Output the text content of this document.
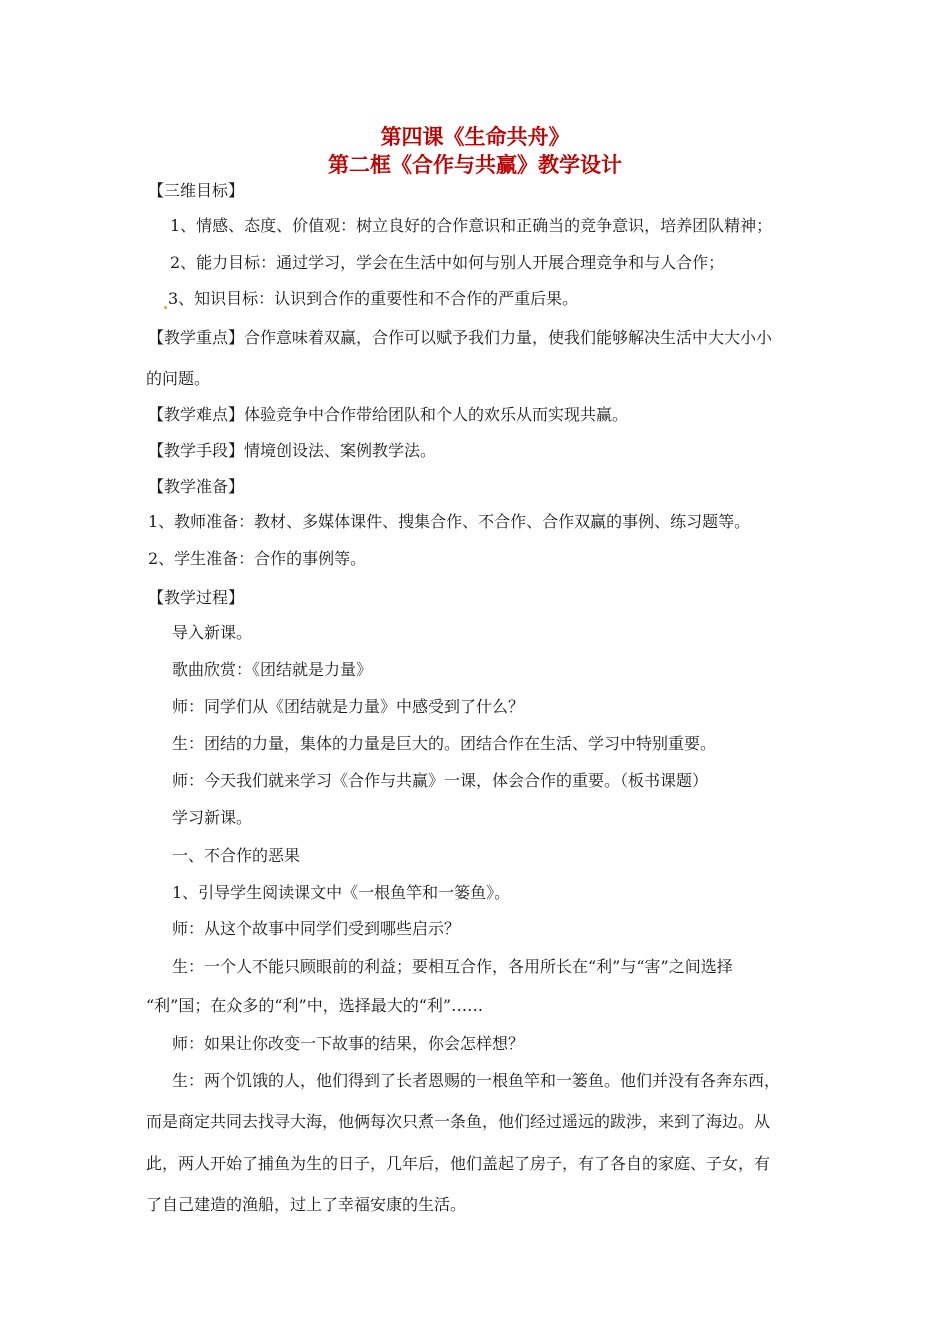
第四课《生命共舟》
第二框《合作与共赢》教学设计
【三维目标】
1、情感、态度、价值观：树立良好的合作意识和正确当的竞争意识，培养团队精神；
2、能力目标：通过学习，学会在生活中如何与别人开展合理竞争和与人合作；
3、知识目标：认识到合作的重要性和不合作的严重后果。
【教学重点】合作意味着双赢，合作可以赋予我们力量，使我们能够解决生活中大大小小
的问题。
【教学难点】体验竞争中合作带给团队和个人的欢乐从而实现共赢。
【教学手段】情境创设法、案例教学法。
【教学准备】
1、教师准备：教材、多媒体课件、搜集合作、不合作、合作双赢的事例、练习题等。
2、学生准备：合作的事例等。
【教学过程】
导入新课。
歌曲欣赏：《团结就是力量》
师：同学们从《团结就是力量》中感受到了什么？
生：团结的力量，集体的力量是巨大的。团结合作在生活、学习中特别重要。
师：今天我们就来学习《合作与共赢》一课，体会合作的重要。（板书课题）
学习新课。
一、不合作的恶果
1、引导学生阅读课文中《一根鱼竿和一篓鱼》。
师：从这个故事中同学们受到哪些启示？
生：一个人不能只顾眼前的利益；要相互合作，各用所长在“利”与“害”之间选择
“利”国；在众多的“利”中，选择最大的“利”……
师：如果让你改变一下故事的结果，你会怎样想？
生：两个饥饿的人，他们得到了长者恩赐的一根鱼竿和一篓鱼。他们并没有各奔东西，
而是商定共同去找寻大海，他俩每次只煮一条鱼，他们经过遥远的跋涉，来到了海边。从
此，两人开始了捕鱼为生的日子，几年后，他们盖起了房子，有了各自的家庭、子女，有
了自己建造的渔船，过上了幸福安康的生活。
